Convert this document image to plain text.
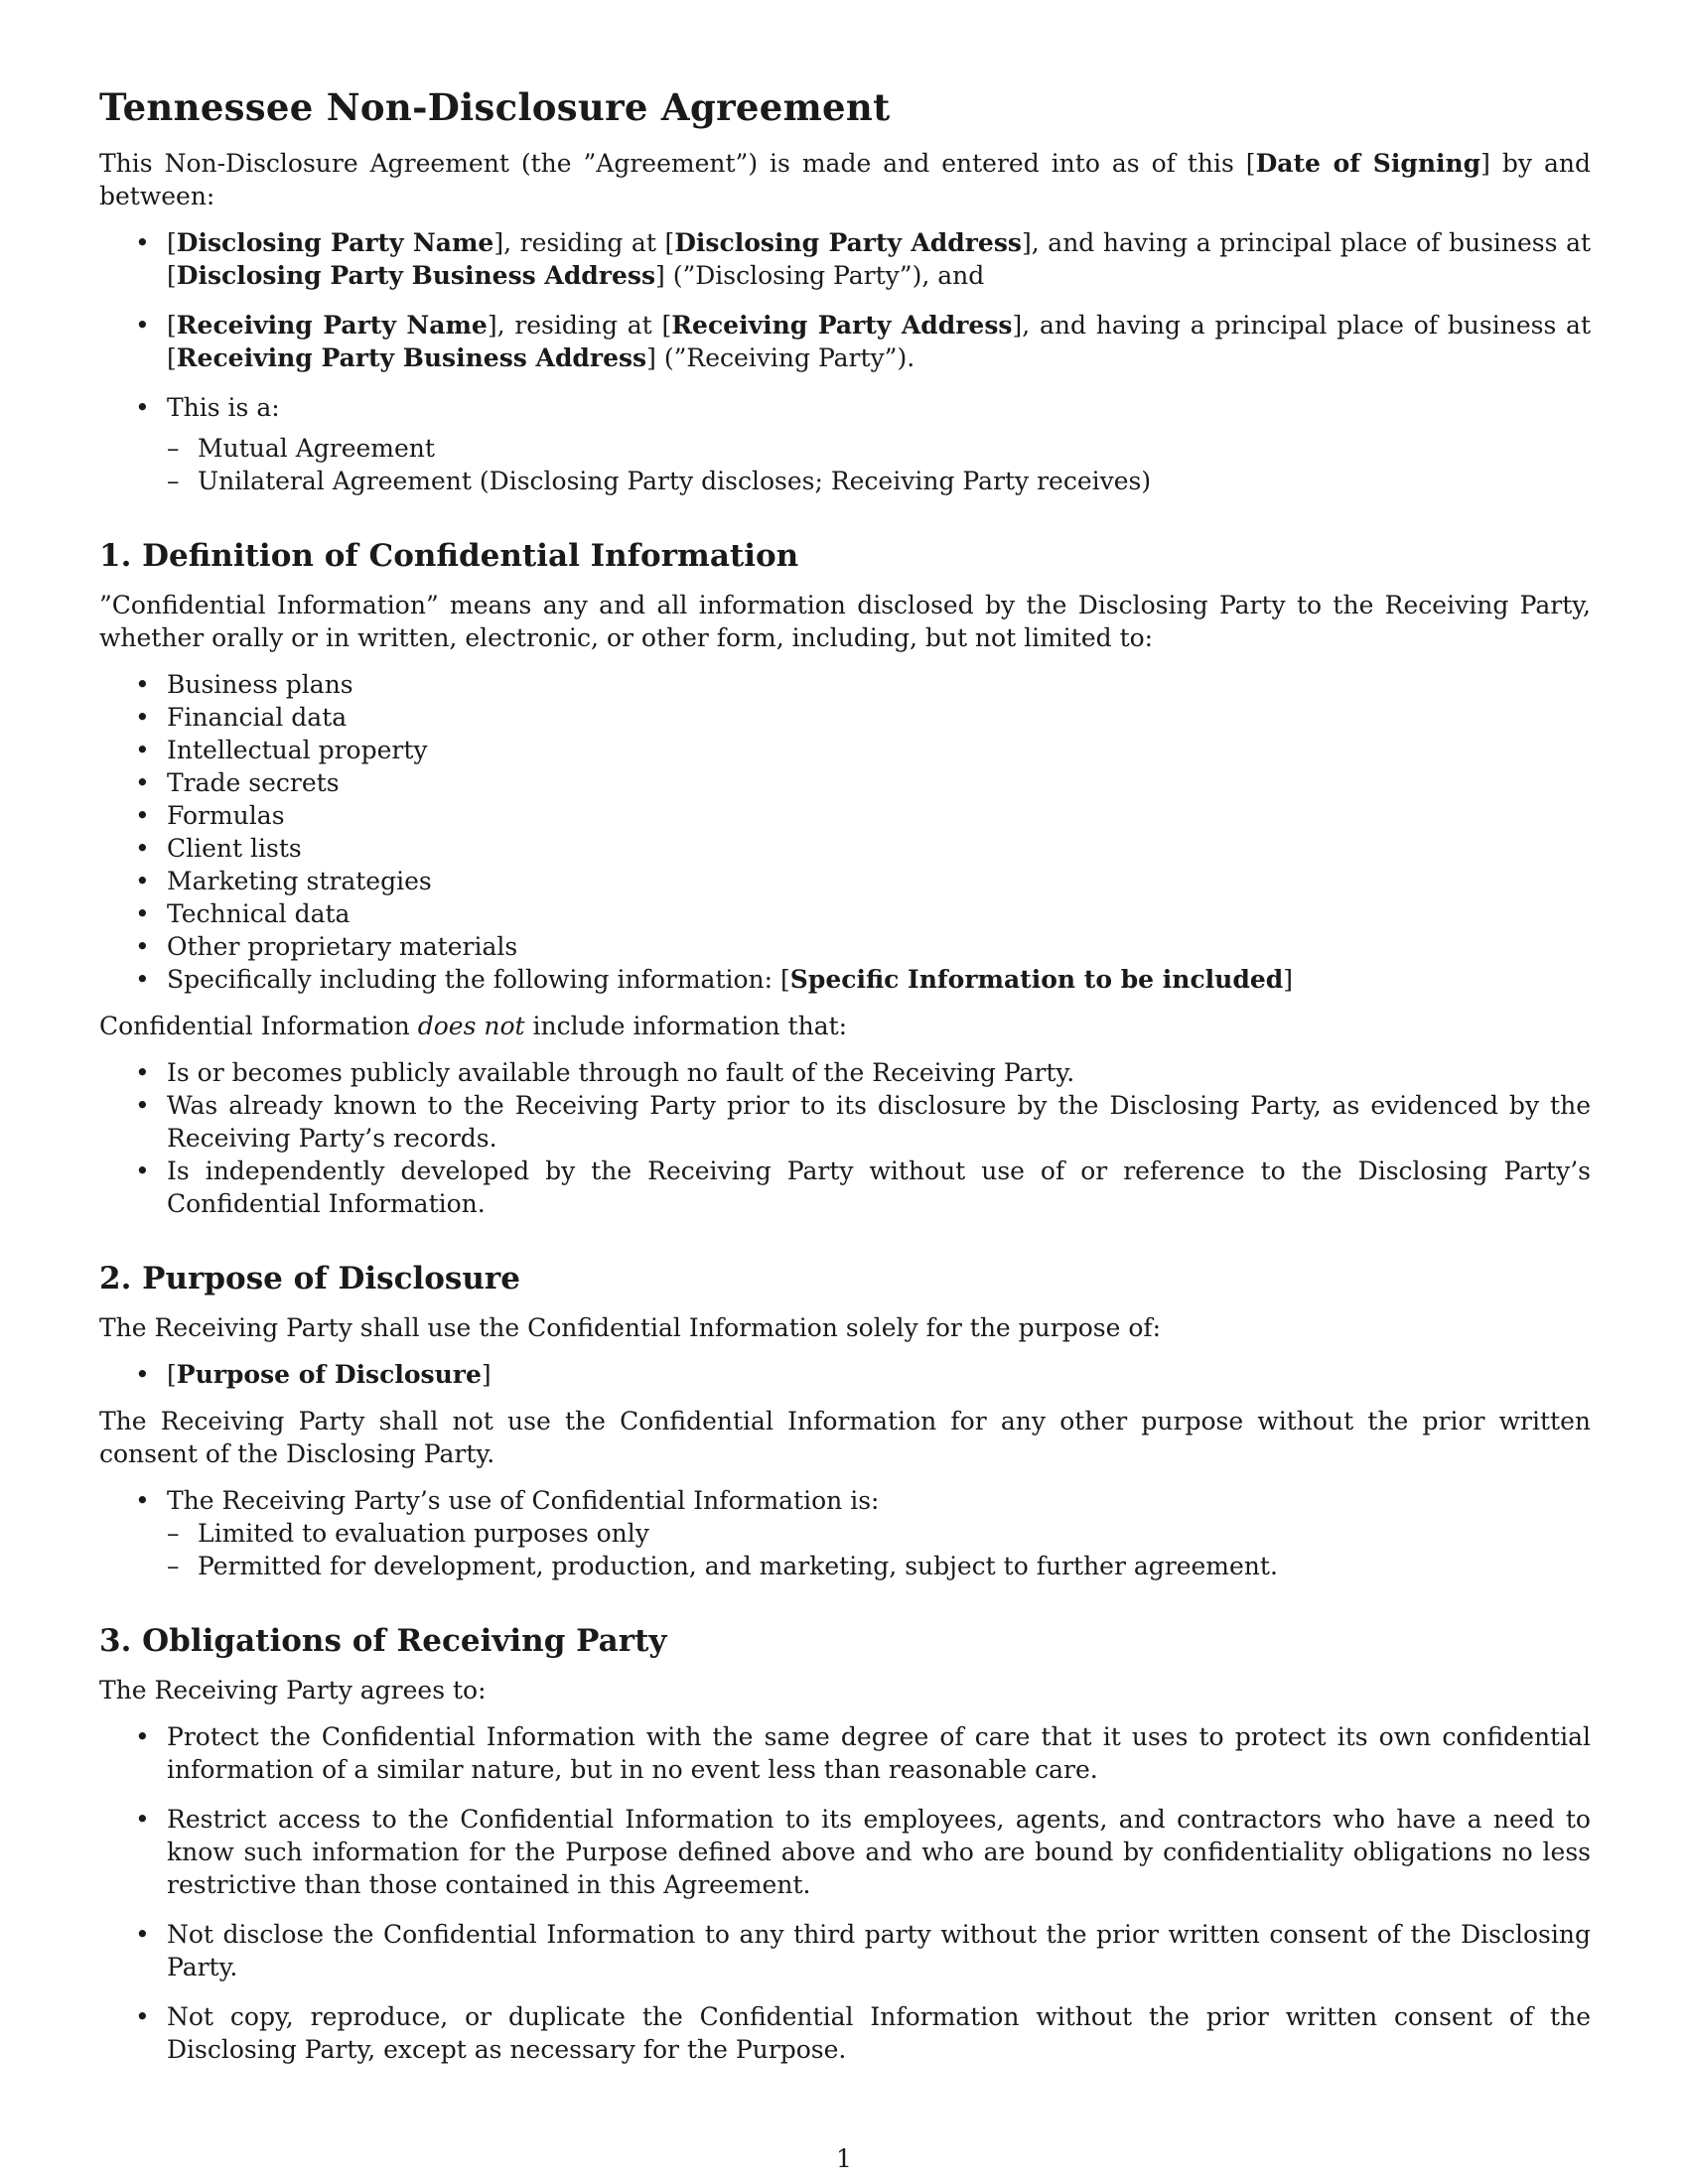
Tennessee Non-Disclosure Agreement

This Non-Disclosure Agreement (the ”Agreement”) is made and entered into as of this [Date of Signing] by and between:

• [Disclosing Party Name], residing at [Disclosing Party Address], and having a principal place of business at [Disclosing Party Business Address] (”Disclosing Party”), and
• [Receiving Party Name], residing at [Receiving Party Address], and having a principal place of business at [Receiving Party Business Address] (”Receiving Party”).
• This is a:
– Mutual Agreement
– Unilateral Agreement (Disclosing Party discloses; Receiving Party receives)
1. Definition of Confidential Information

”Confidential Information” means any and all information disclosed by the Disclosing Party to the Receiving Party, whether orally or in written, electronic, or other form, including, but not limited to:

• Business plans
• Financial data
• Intellectual property
• Trade secrets
• Formulas
• Client lists
• Marketing strategies
• Technical data
• Other proprietary materials
• Specifically including the following information: [Specific Information to be included]

Confidential Information does not include information that:

• Is or becomes publicly available through no fault of the Receiving Party.
• Was already known to the Receiving Party prior to its disclosure by the Disclosing Party, as evidenced by the Receiving Party’s records.
• Is independently developed by the Receiving Party without use of or reference to the Disclosing Party’s Confidential Information.
2. Purpose of Disclosure

The Receiving Party shall use the Confidential Information solely for the purpose of:

• [Purpose of Disclosure]

The Receiving Party shall not use the Confidential Information for any other purpose without the prior written consent of the Disclosing Party.

• The Receiving Party’s use of Confidential Information is:
– Limited to evaluation purposes only
– Permitted for development, production, and marketing, subject to further agreement.
3. Obligations of Receiving Party

The Receiving Party agrees to:

• Protect the Confidential Information with the same degree of care that it uses to protect its own confidential information of a similar nature, but in no event less than reasonable care.
• Restrict access to the Confidential Information to its employees, agents, and contractors who have a need to know such information for the Purpose defined above and who are bound by confidentiality obligations no less restrictive than those contained in this Agreement.
• Not disclose the Confidential Information to any third party without the prior written consent of the Disclosing Party.
• Not copy, reproduce, or duplicate the Confidential Information without the prior written consent of the Disclosing Party, except as necessary for the Purpose.
1
